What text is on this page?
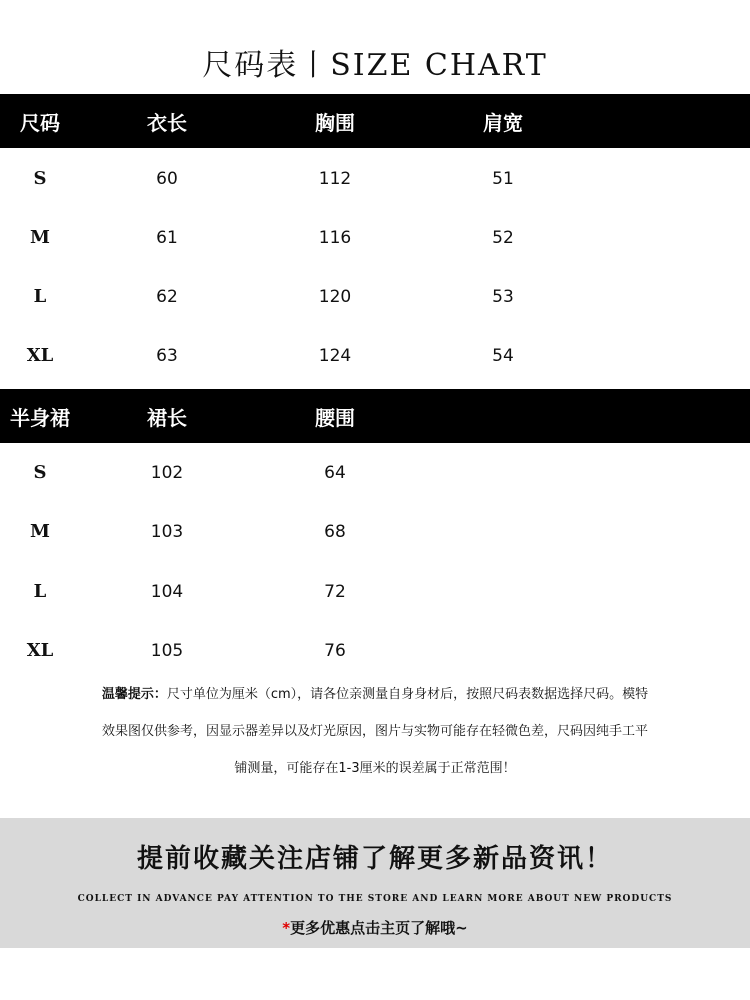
尺码表丨SIZE CHART
尺码	衣长	胸围	肩宽
S	60	112	51
M	61	116	52
L	62	120	53
XL	63	124	54
半身裙	裙长	腰围
S	102	64
M	103	68
L	104	72
XL	105	76
温馨提示：尺寸单位为厘米（cm），请各位亲测量自身身材后，按照尺码表数据选择尺码。模特
效果图仅供参考，因显示器差异以及灯光原因，图片与实物可能存在轻微色差，尺码因纯手工平
铺测量，可能存在1-3厘米的误差属于正常范围！
提前收藏关注店铺了解更多新品资讯！
COLLECT IN ADVANCE PAY ATTENTION TO THE STORE AND LEARN MORE ABOUT NEW PRODUCTS
*更多优惠点击主页了解哦~
